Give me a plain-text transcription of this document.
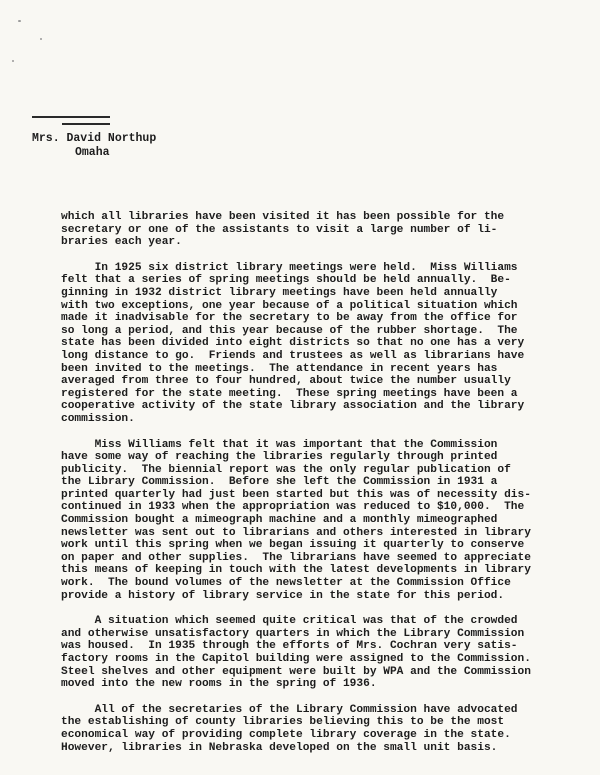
Mrs. David Northup
Omaha

which all libraries have been visited it has been possible for the
secretary or one of the assistants to visit a large number of li-
braries each year.

In 1925 six district library meetings were held.  Miss Williams
felt that a series of spring meetings should be held annually.  Be-
ginning in 1932 district library meetings have been held annually
with two exceptions, one year because of a political situation which
made it inadvisable for the secretary to be away from the office for
so long a period, and this year because of the rubber shortage.  The
state has been divided into eight districts so that no one has a very
long distance to go.  Friends and trustees as well as librarians have
been invited to the meetings.  The attendance in recent years has
averaged from three to four hundred, about twice the number usually
registered for the state meeting.  These spring meetings have been a
cooperative activity of the state library association and the library
commission.

Miss Williams felt that it was important that the Commission
have some way of reaching the libraries regularly through printed
publicity.  The biennial report was the only regular publication of
the Library Commission.  Before she left the Commission in 1931 a
printed quarterly had just been started but this was of necessity dis-
continued in 1933 when the appropriation was reduced to $10,000.  The
Commission bought a mimeograph machine and a monthly mimeographed
newsletter was sent out to librarians and others interested in library
work until this spring when we began issuing it quarterly to conserve
on paper and other supplies.  The librarians have seemed to appreciate
this means of keeping in touch with the latest developments in library
work.  The bound volumes of the newsletter at the Commission Office
provide a history of library service in the state for this period.

A situation which seemed quite critical was that of the crowded
and otherwise unsatisfactory quarters in which the Library Commission
was housed.  In 1935 through the efforts of Mrs. Cochran very satis-
factory rooms in the Capitol building were assigned to the Commission.
Steel shelves and other equipment were built by WPA and the Commission
moved into the new rooms in the spring of 1936.

All of the secretaries of the Library Commission have advocated
the establishing of county libraries believing this to be the most
economical way of providing complete library coverage in the state.
However, libraries in Nebraska developed on the small unit basis.
